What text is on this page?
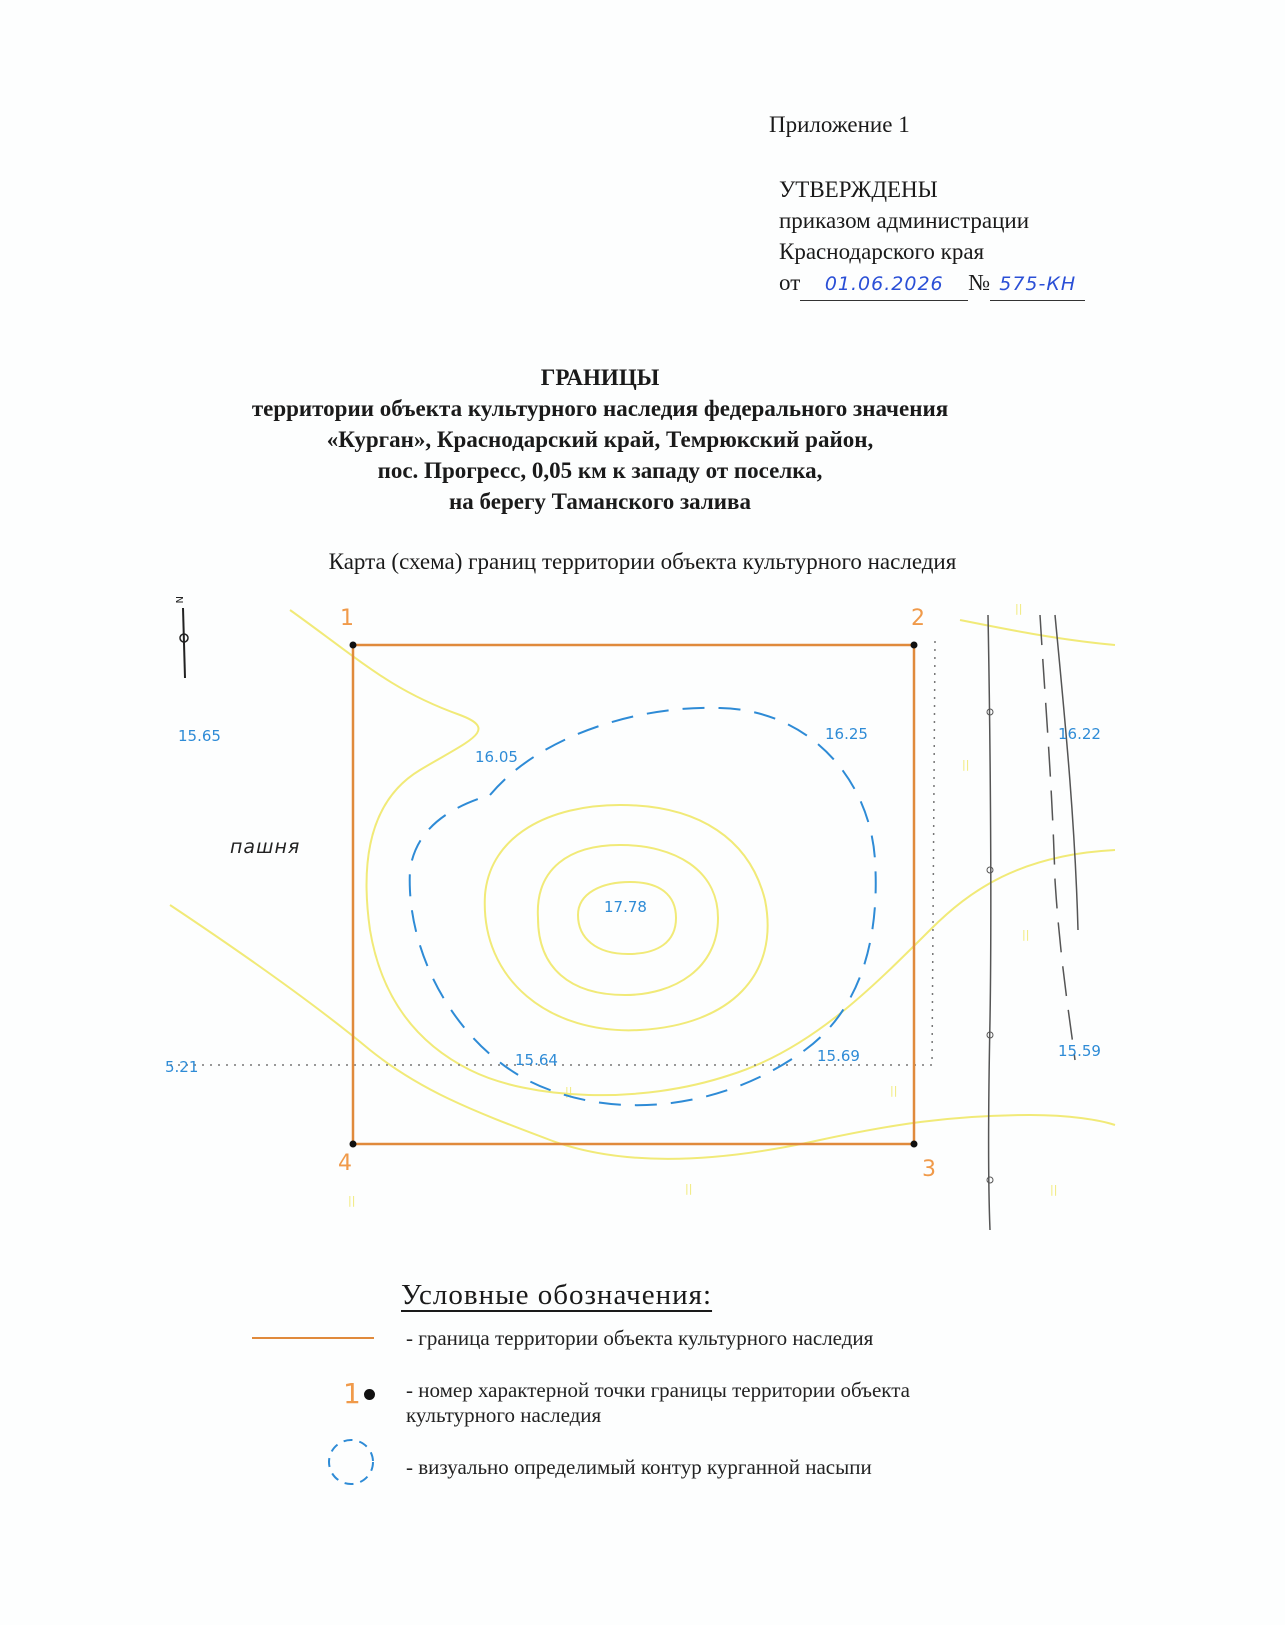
Приложение 1
УТВЕРЖДЕНЫ
приказом администрации
Краснодарского края
от 01.06.2026 № 575-КН
ГРАНИЦЫ
территории объекта культурного наследия федерального значения
«Курган», Краснодарский край, Темрюкский район,
пос. Прогресс, 0,05 км к западу от поселка,
на берегу Таманского залива
Карта (схема) границ территории объекта культурного наследия
||
||
||	||
||
||
||
||
1	2
3
4
N
пашня
17.78
16.05
16.25
15.64	15.69
15.65
5.21
16.22
15.59
Условные обозначения:
- граница территории объекта культурного наследия
1 - номер характерной точки границы территории объекта культурного наследия
- визуально определимый контур курганной насыпи
